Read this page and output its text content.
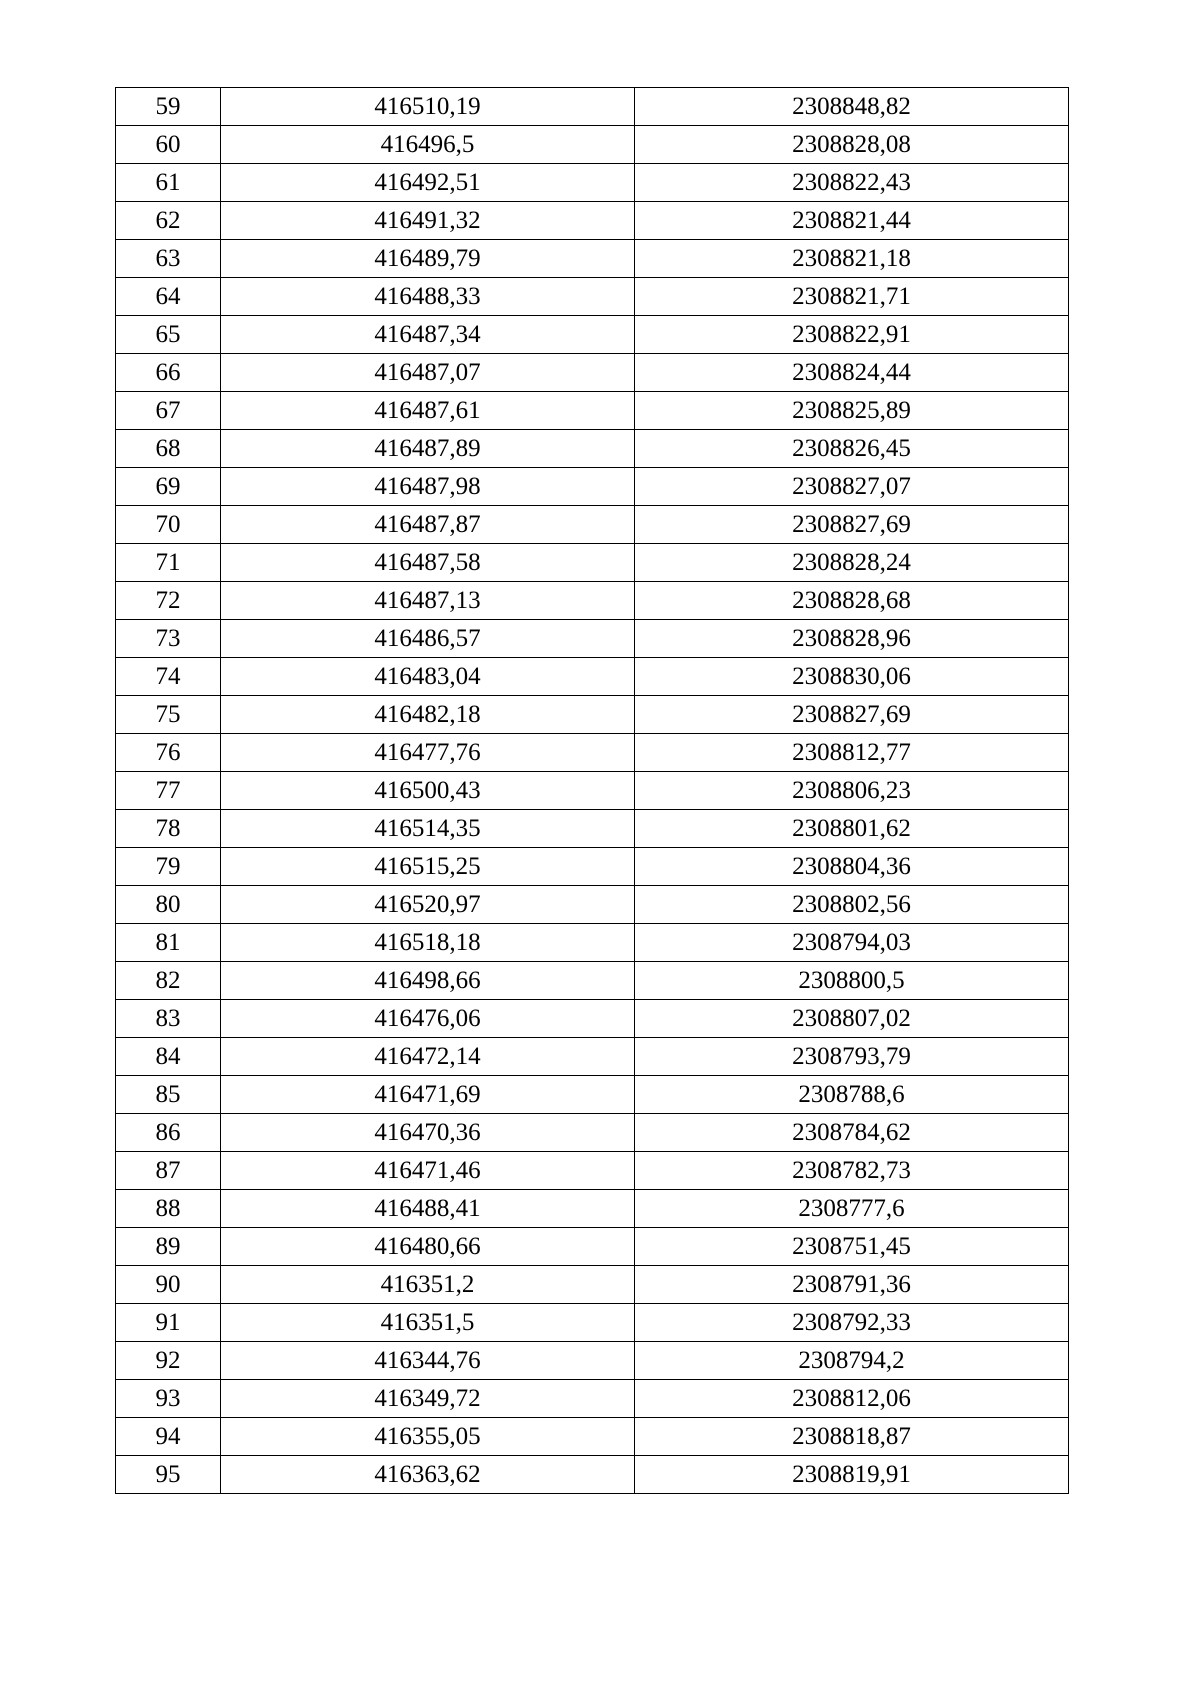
59	416510,19	2308848,82
60	416496,5	2308828,08
61	416492,51	2308822,43
62	416491,32	2308821,44
63	416489,79	2308821,18
64	416488,33	2308821,71
65	416487,34	2308822,91
66	416487,07	2308824,44
67	416487,61	2308825,89
68	416487,89	2308826,45
69	416487,98	2308827,07
70	416487,87	2308827,69
71	416487,58	2308828,24
72	416487,13	2308828,68
73	416486,57	2308828,96
74	416483,04	2308830,06
75	416482,18	2308827,69
76	416477,76	2308812,77
77	416500,43	2308806,23
78	416514,35	2308801,62
79	416515,25	2308804,36
80	416520,97	2308802,56
81	416518,18	2308794,03
82	416498,66	2308800,5
83	416476,06	2308807,02
84	416472,14	2308793,79
85	416471,69	2308788,6
86	416470,36	2308784,62
87	416471,46	2308782,73
88	416488,41	2308777,6
89	416480,66	2308751,45
90	416351,2	2308791,36
91	416351,5	2308792,33
92	416344,76	2308794,2
93	416349,72	2308812,06
94	416355,05	2308818,87
95	416363,62	2308819,91
